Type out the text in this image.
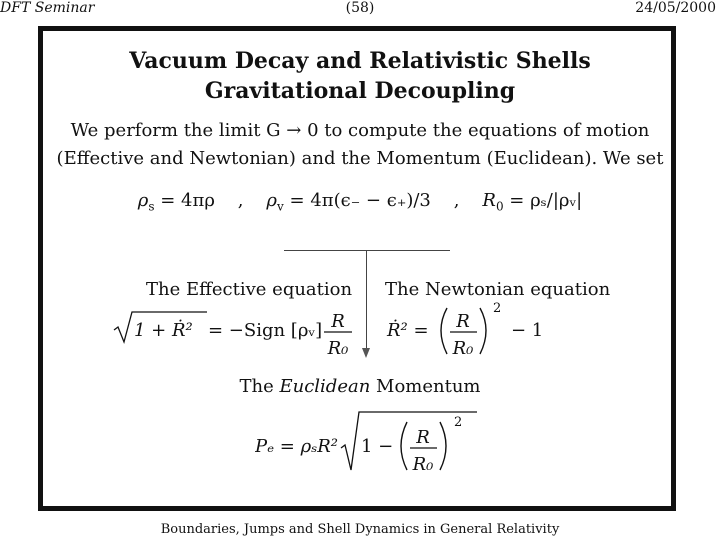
DFT Seminar	(58)	24/05/2000
Vacuum Decay and Relativistic Shells
Gravitational Decoupling
We perform the limit G → 0 to compute the equations of motion
(Effective and Newtonian) and the Momentum (Euclidean). We set
$\rho_s = 4\pi\rho$ , $\rho_v = 4\pi(\epsilon_- - \epsilon_+)/3$ , $R_0$ = ρₛ/|ρᵥ|
The Effective equation The Newtonian equation
The Euclidean Momentum
1 + Ṙ² = −Sign [ρᵥ] R
R₀
Ṙ² = R
R₀
2
− 1
Pₑ = ρₛR² 1 − R
R₀
2
Boundaries, Jumps and Shell Dynamics in General Relativity
